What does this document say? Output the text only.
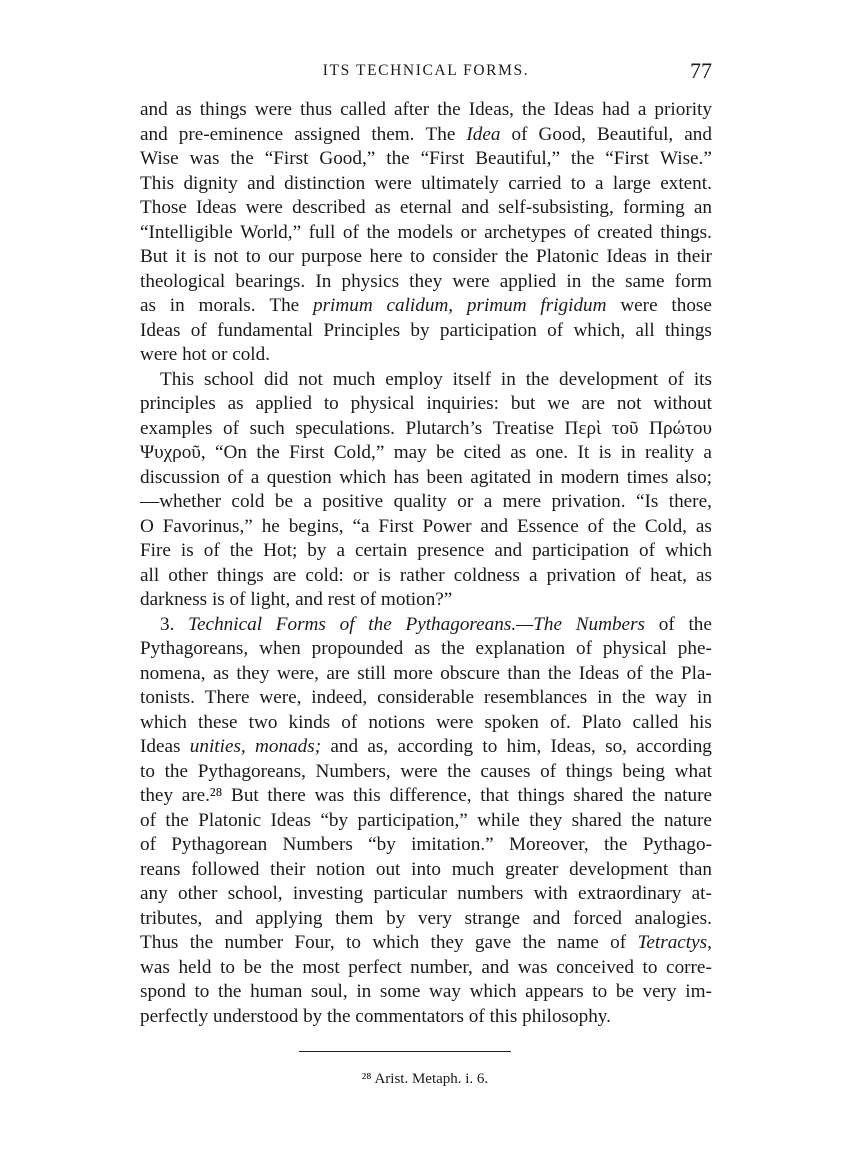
ITS TECHNICAL FORMS.	77
and as things were thus called after the Ideas, the Ideas had a priority
and pre-eminence assigned them. The Idea of Good, Beautiful, and
Wise was the “First Good,” the “First Beautiful,” the “First Wise.”
This dignity and distinction were ultimately carried to a large extent.
Those Ideas were described as eternal and self-subsisting, forming an
“Intelligible World,” full of the models or archetypes of created things.
But it is not to our purpose here to consider the Platonic Ideas in their
theological bearings. In physics they were applied in the same form
as in morals. The primum calidum, primum frigidum were those
Ideas of fundamental Principles by participation of which, all things
were hot or cold.
This school did not much employ itself in the development of its
principles as applied to physical inquiries: but we are not without
examples of such speculations. Plutarch’s Treatise Περὶ τοῦ Πρώτου
Ψυχροῦ, “On the First Cold,” may be cited as one. It is in reality a
discussion of a question which has been agitated in modern times also;
—whether cold be a positive quality or a mere privation. “Is there,
O Favorinus,” he begins, “a First Power and Essence of the Cold, as
Fire is of the Hot; by a certain presence and participation of which
all other things are cold: or is rather coldness a privation of heat, as
darkness is of light, and rest of motion?”
3. Technical Forms of the Pythagoreans.—The Numbers of the
Pythagoreans, when propounded as the explanation of physical phe-
nomena, as they were, are still more obscure than the Ideas of the Pla-
tonists. There were, indeed, considerable resemblances in the way in
which these two kinds of notions were spoken of. Plato called his
Ideas unities, monads; and as, according to him, Ideas, so, according
to the Pythagoreans, Numbers, were the causes of things being what
they are.²⁸ But there was this difference, that things shared the nature
of the Platonic Ideas “by participation,” while they shared the nature
of Pythagorean Numbers “by imitation.” Moreover, the Pythago-
reans followed their notion out into much greater development than
any other school, investing particular numbers with extraordinary at-
tributes, and applying them by very strange and forced analogies.
Thus the number Four, to which they gave the name of Tetractys,
was held to be the most perfect number, and was conceived to corre-
spond to the human soul, in some way which appears to be very im-
perfectly understood by the commentators of this philosophy.
²⁸ Arist. Metaph. i. 6.
